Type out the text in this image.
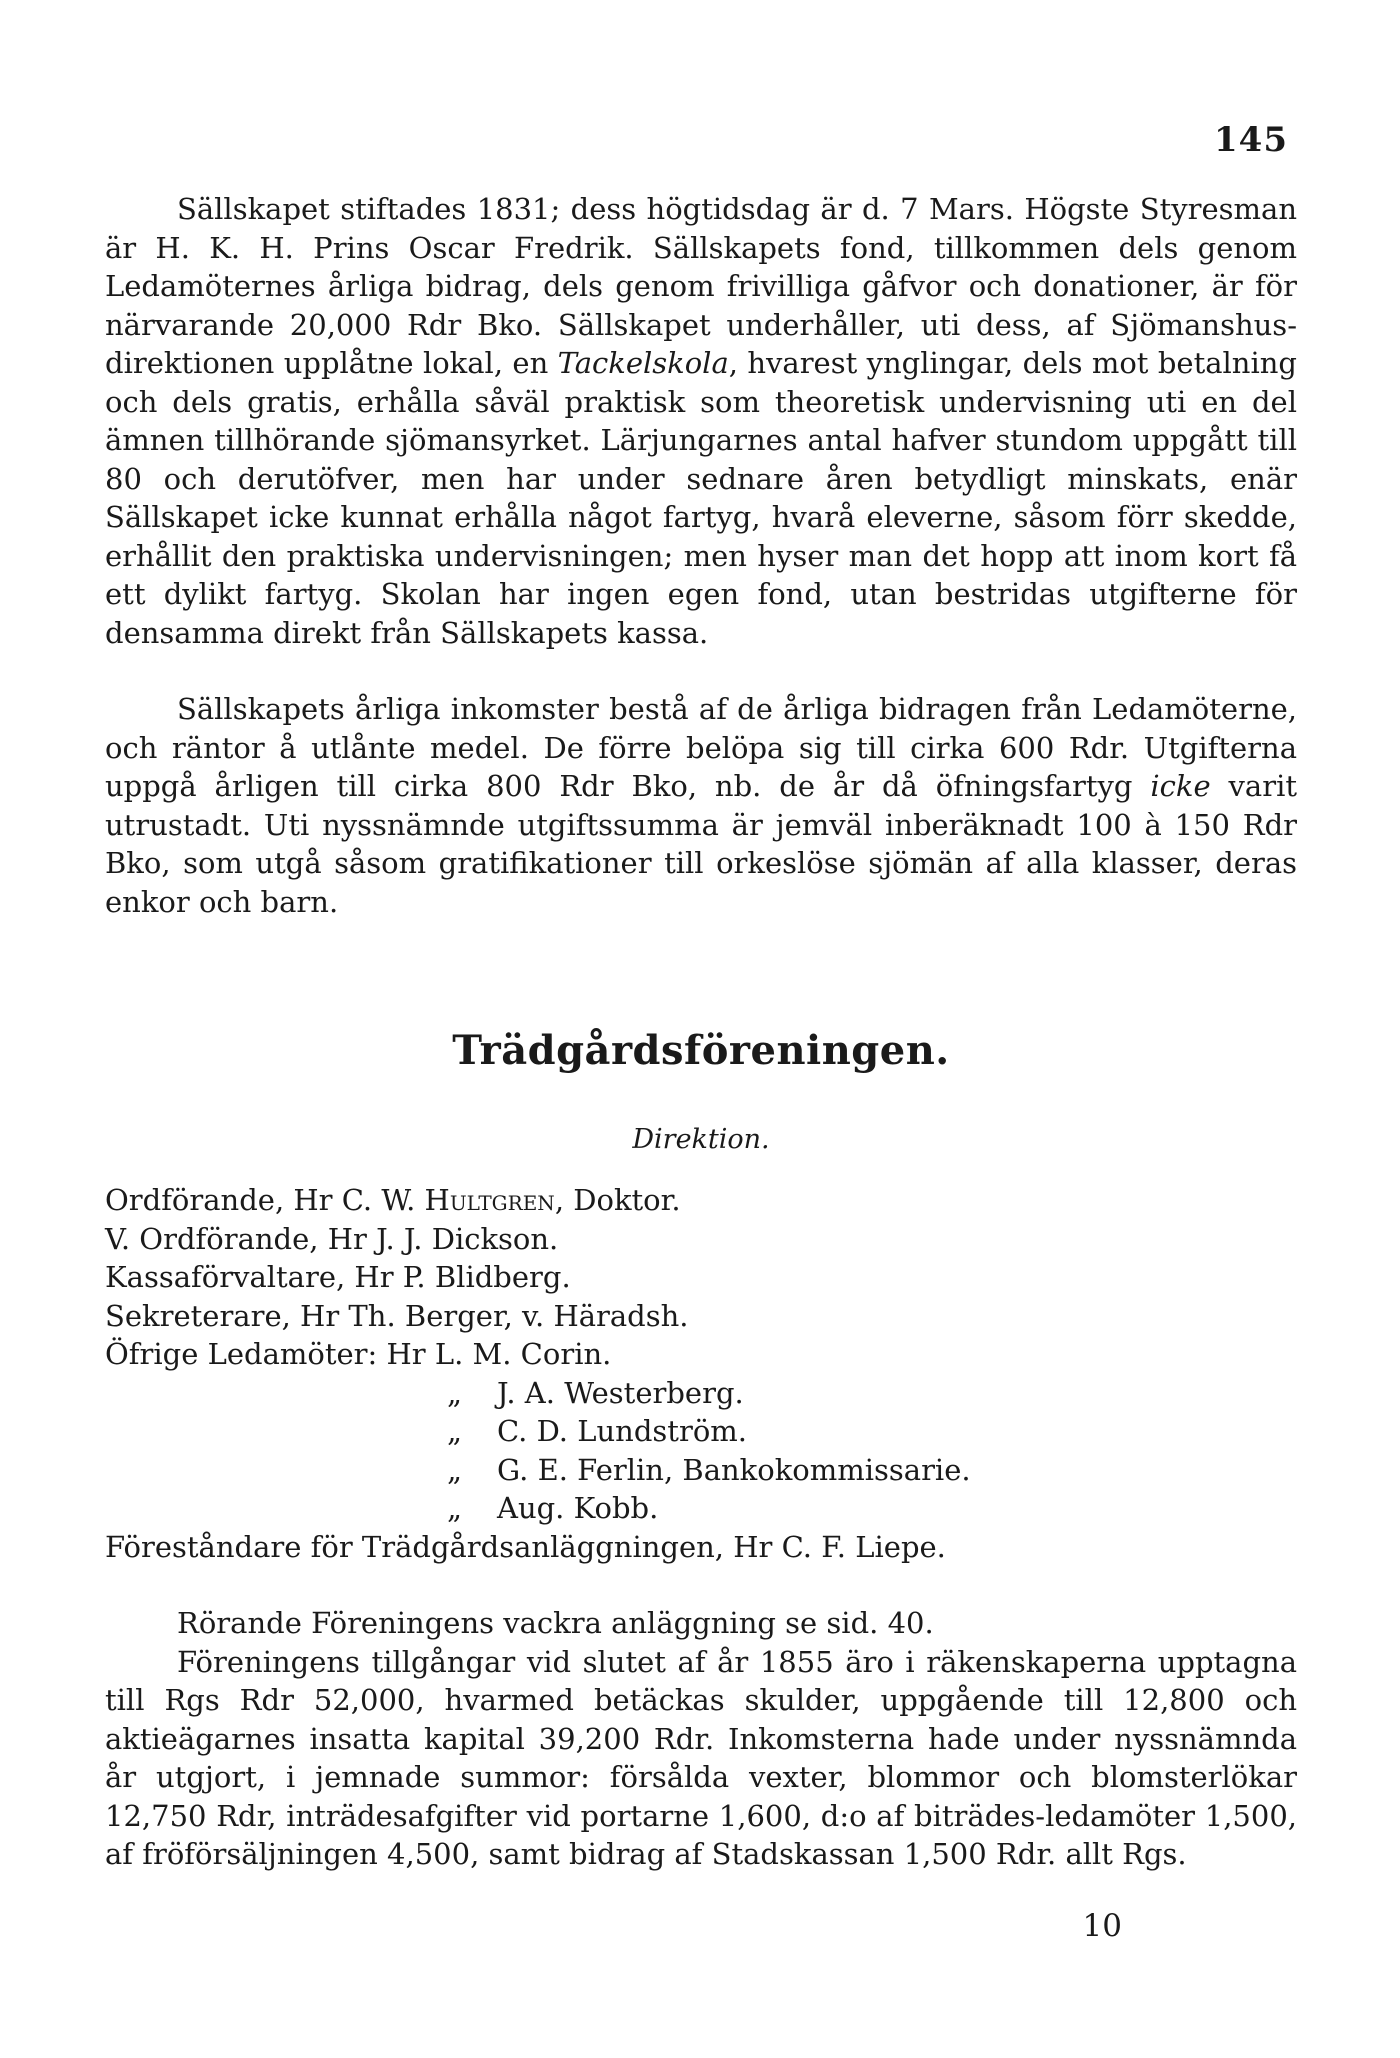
145

Sällskapet stiftades 1831; dess högtidsdag är d. 7 Mars. Högste Styresman är H. K. H. Prins Oscar Fredrik. Sällskapets fond, tillkommen dels genom Ledamöternes årliga bidrag, dels genom frivilliga gåfvor och donationer, är för närvarande 20,000 Rdr Bko. Sällskapet underhåller, uti dess, af Sjömanshus-direktionen upplåtne lokal, en Tackelskola, hvarest ynglingar, dels mot betalning och dels gratis, erhålla såväl praktisk som theoretisk undervisning uti en del ämnen tillhörande sjömansyrket. Lärjungarnes antal hafver stundom uppgått till 80 och derutöfver, men har under sednare åren betydligt minskats, enär Sällskapet icke kunnat erhålla något fartyg, hvarå eleverne, såsom förr skedde, erhållit den praktiska undervisningen; men hyser man det hopp att inom kort få ett dylikt fartyg. Skolan har ingen egen fond, utan bestridas utgifterne för densamma direkt från Sällskapets kassa.

Sällskapets årliga inkomster bestå af de årliga bidragen från Ledamöterne, och räntor å utlånte medel. De förre belöpa sig till cirka 600 Rdr. Utgifterna uppgå årligen till cirka 800 Rdr Bko, nb. de år då öfningsfartyg icke varit utrustadt. Uti nyssnämnde utgiftssumma är jemväl inberäknadt 100 à 150 Rdr Bko, som utgå såsom gratifikationer till orkeslöse sjömän af alla klasser, deras enkor och barn.

Trädgårdsföreningen.
Direktion.
Ordförande, Hr C. W. Hultgren, Doktor.
V. Ordförande, Hr J. J. Dickson.
Kassaförvaltare, Hr P. Blidberg.
Sekreterare, Hr Th. Berger, v. Häradsh.
Öfrige Ledamöter: Hr L. M. Corin.
„ J. A. Westerberg.
„ C. D. Lundström.
„ G. E. Ferlin, Bankokommissarie.
„ Aug. Kobb.
Föreståndare för Trädgårdsanläggningen, Hr C. F. Liepe.

Rörande Föreningens vackra anläggning se sid. 40.

Föreningens tillgångar vid slutet af år 1855 äro i räkenskaperna upptagna till Rgs Rdr 52,000, hvarmed betäckas skulder, uppgående till 12,800 och aktieägarnes insatta kapital 39,200 Rdr. Inkomsterna hade under nyssnämnda år utgjort, i jemnade summor: försålda vexter, blommor och blomsterlökar 12,750 Rdr, inträdesafgifter vid portarne 1,600, d:o af biträdes-ledamöter 1,500, af fröförsäljningen 4,500, samt bidrag af Stadskassan 1,500 Rdr. allt Rgs.

10
